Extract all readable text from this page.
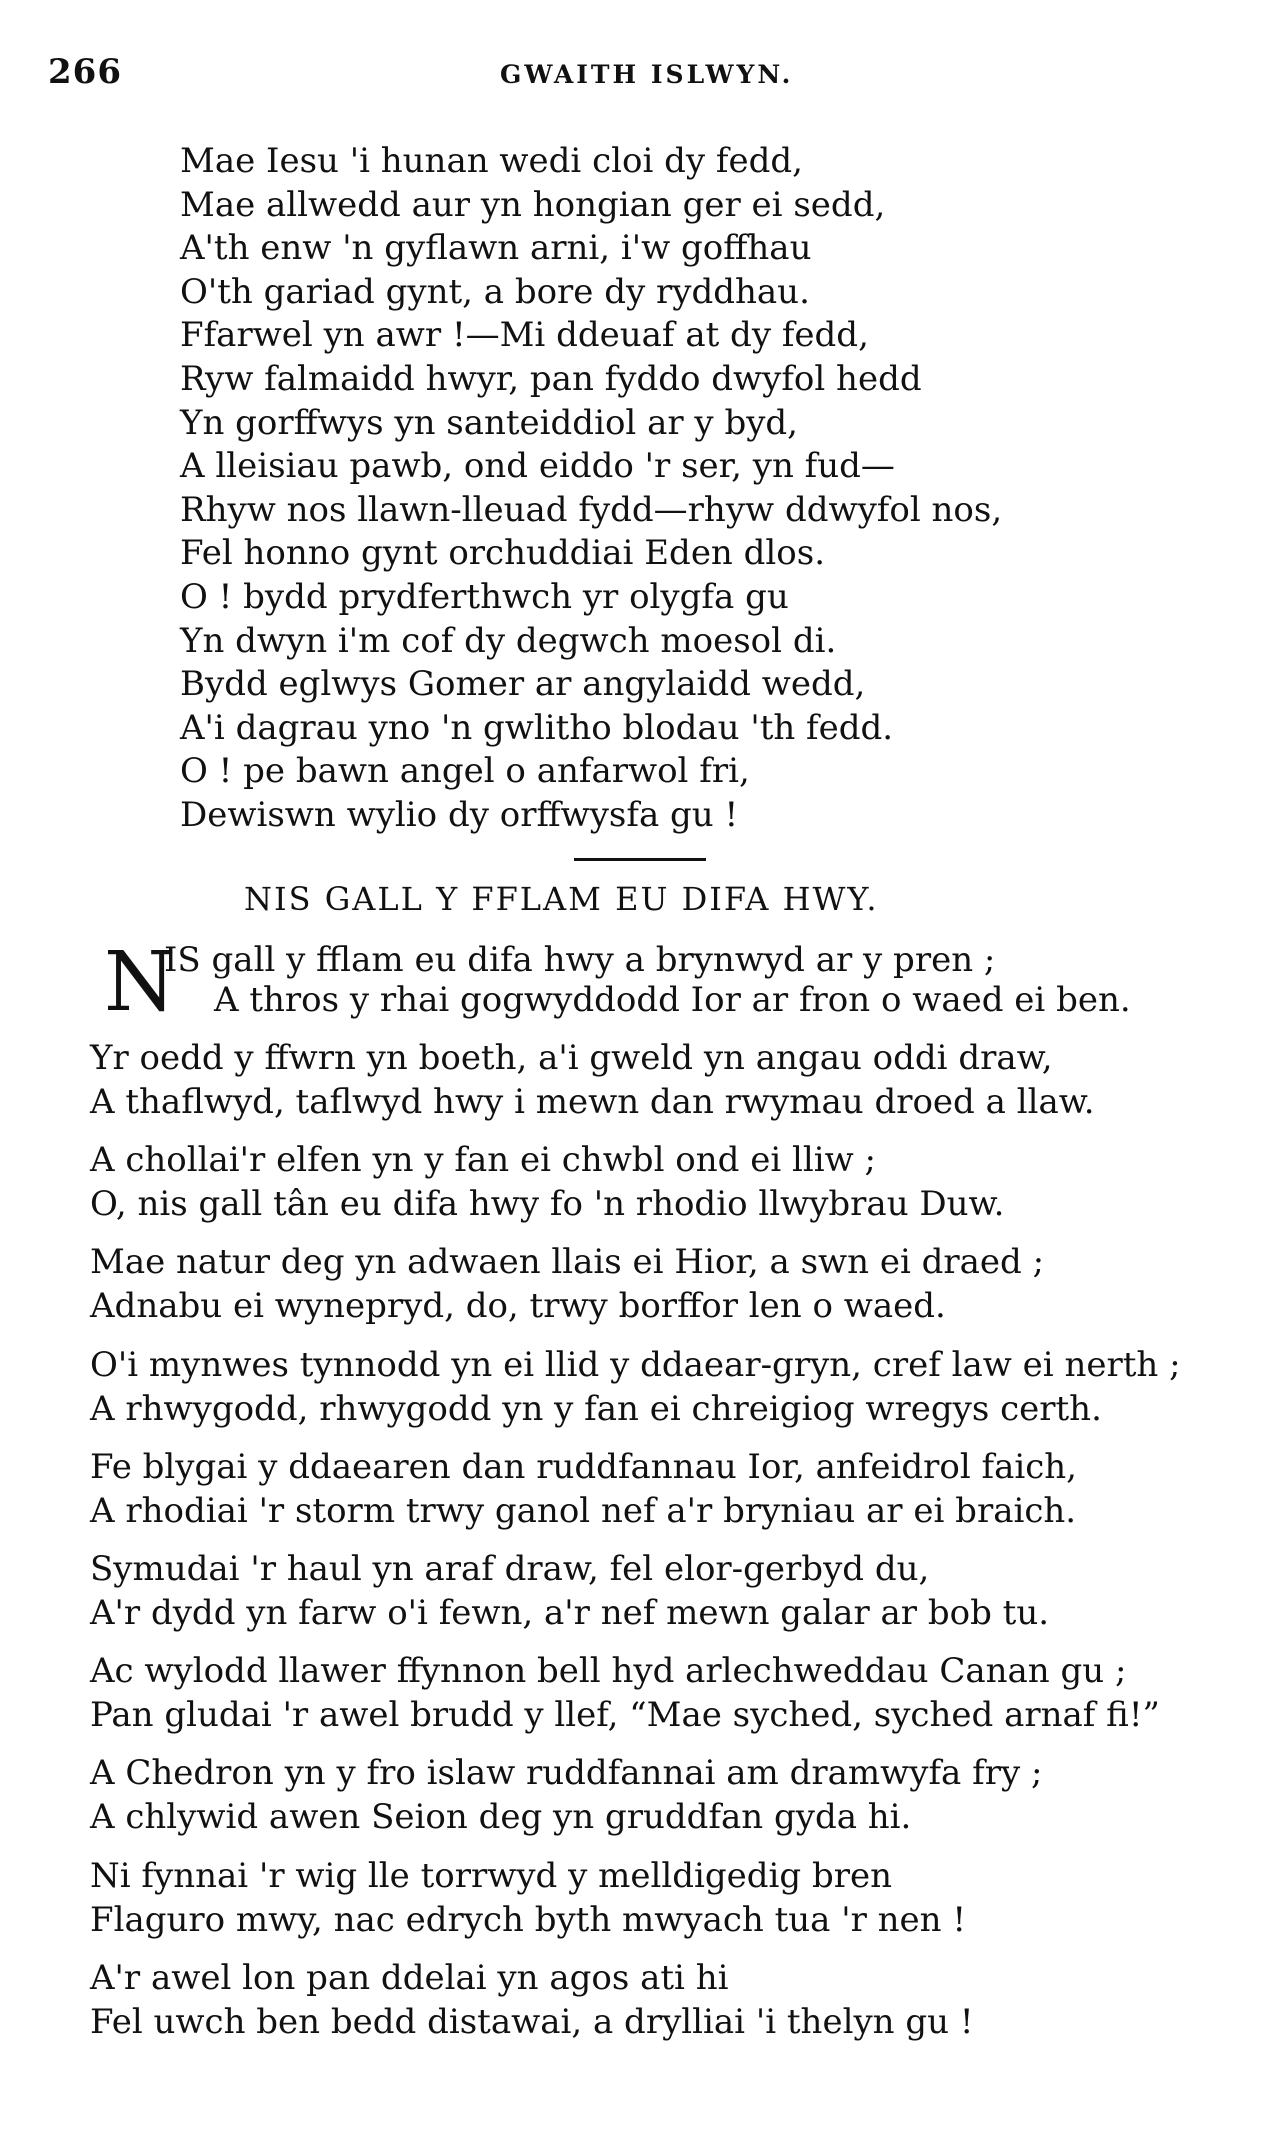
266	GWAITH ISLWYN.
Mae Iesu 'i hunan wedi cloi dy fedd,
Mae allwedd aur yn hongian ger ei sedd,
A'th enw 'n gyflawn arni, i'w goffhau
O'th gariad gynt, a bore dy ryddhau.
Ffarwel yn awr !—Mi ddeuaf at dy fedd,
Ryw falmaidd hwyr, pan fyddo dwyfol hedd
Yn gorffwys yn santeiddiol ar y byd,
A lleisiau pawb, ond eiddo 'r ser, yn fud—
Rhyw nos llawn-lleuad fydd—rhyw ddwyfol nos,
Fel honno gynt orchuddiai Eden dlos.
O ! bydd prydferthwch yr olygfa gu
Yn dwyn i'm cof dy degwch moesol di.
Bydd eglwys Gomer ar angylaidd wedd,
A'i dagrau yno 'n gwlitho blodau 'th fedd.
O ! pe bawn angel o anfarwol fri,
Dewiswn wylio dy orffwysfa gu !
NIS GALL Y FFLAM EU DIFA HWY.
N
IS gall y fflam eu difa hwy a brynwyd ar y pren ;
A thros y rhai gogwyddodd Ior ar fron o waed ei ben.
Yr oedd y ffwrn yn boeth, a'i gweld yn angau oddi draw,
A thaflwyd, taflwyd hwy i mewn dan rwymau droed a llaw.
A chollai'r elfen yn y fan ei chwbl ond ei lliw ;
O, nis gall tân eu difa hwy fo 'n rhodio llwybrau Duw.
Mae natur deg yn adwaen llais ei Hior, a swn ei draed ;
Adnabu ei wynepryd, do, trwy borffor len o waed.
O'i mynwes tynnodd yn ei llid y ddaear-gryn, cref law ei nerth ;
A rhwygodd, rhwygodd yn y fan ei chreigiog wregys certh.
Fe blygai y ddaearen dan ruddfannau Ior, anfeidrol faich,
A rhodiai 'r storm trwy ganol nef a'r bryniau ar ei braich.
Symudai 'r haul yn araf draw, fel elor-gerbyd du,
A'r dydd yn farw o'i fewn, a'r nef mewn galar ar bob tu.
Ac wylodd llawer ffynnon bell hyd arlechweddau Canan gu ;
Pan gludai 'r awel brudd y llef, “Mae syched, syched arnaf fi!”
A Chedron yn y fro islaw ruddfannai am dramwyfa fry ;
A chlywid awen Seion deg yn gruddfan gyda hi.
Ni fynnai 'r wig lle torrwyd y melldigedig bren
Flaguro mwy, nac edrych byth mwyach tua 'r nen !
A'r awel lon pan ddelai yn agos ati hi
Fel uwch ben bedd distawai, a drylliai 'i thelyn gu !
